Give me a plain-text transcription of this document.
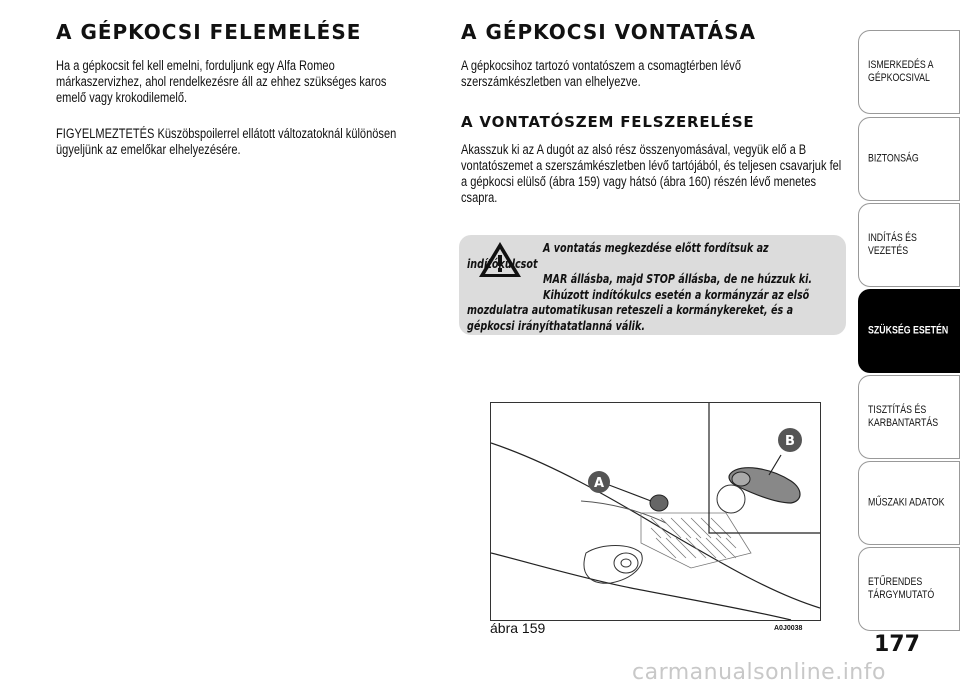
A GÉPKOCSI FELEMELÉSE

Ha a gépkocsit fel kell emelni, forduljunk egy Alfa Romeo márkaszervizhez, ahol rendelkezésre áll az ehhez szükséges karos emelő vagy krokodilemelő.

FIGYELMEZTETÉS Küszöbspoilerrel ellátott változatoknál különösen ügyeljünk az emelőkar elhelyezésére.

A GÉPKOCSI VONTATÁSA

A gépkocsihoz tartozó vontatószem a csomagtérben lévő szerszámkészletben van elhelyezve.

A VONTATÓSZEM FELSZERELÉSE

Akasszuk ki az A dugót az alsó rész összenyomásával, vegyük elő a B vontatószemet a szerszámkészletben lévő tartójából, és teljesen csavarjuk fel a gépkocsi elülső (ábra 159) vagy hátsó (ábra 160) részén lévő menetes csapra.

A vontatás megkezdése előtt fordítsuk az indítókulcsot
MAR állásba, majd STOP állásba, de ne húzzuk ki.
Kihúzott indítókulcs esetén a kormányzár az első
mozdulatra automatikusan reteszeli a kormánykereket, és a
gépkocsi irányíthatatlanná válik.

A
B

ábra 159	A0J0038

ISMERKEDÉS A GÉPKOCSIVAL
BIZTONSÁG
INDÍTÁS ÉS VEZETÉS
SZÜKSÉG ESETÉN
TISZTÍTÁS ÉS KARBANTARTÁS
MŰSZAKI ADATOK
ETŰRENDES TÁRGYMUTATÓ

177

carmanualsonline.info
